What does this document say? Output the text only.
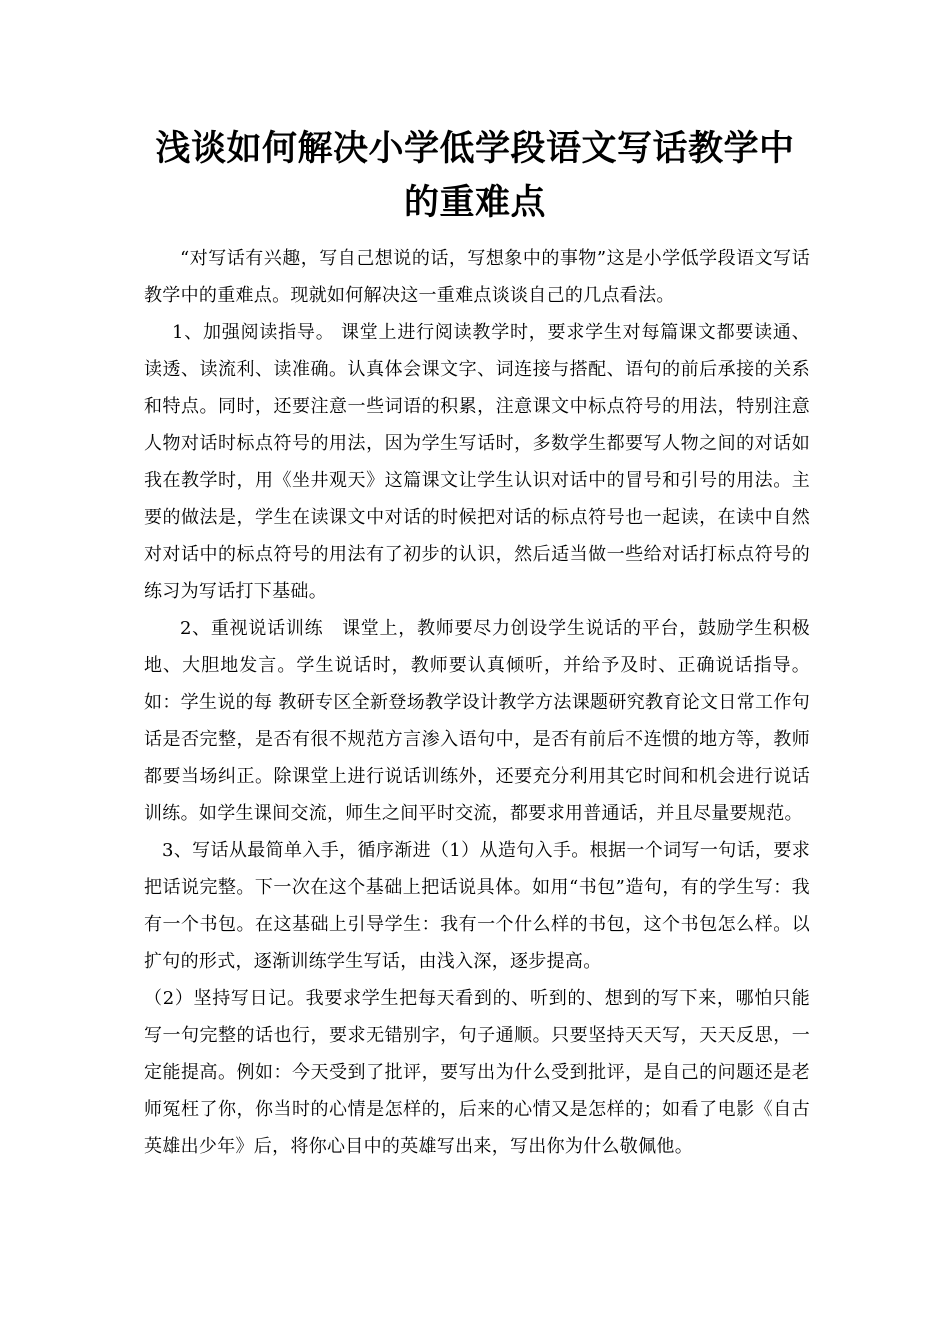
浅谈如何解决小学低学段语文写话教学中的重难点

“对写话有兴趣，写自己想说的话，写想象中的事物”这是小学低学段语文写话教学中的重难点。现就如何解决这一重难点谈谈自己的几点看法。

1、加强阅读指导。 课堂上进行阅读教学时，要求学生对每篇课文都要读通、读透、读流利、读准确。认真体会课文字、词连接与搭配、语句的前后承接的关系和特点。同时，还要注意一些词语的积累，注意课文中标点符号的用法，特别注意人物对话时标点符号的用法，因为学生写话时，多数学生都要写人物之间的对话如我在教学时，用《坐井观天》这篇课文让学生认识对话中的冒号和引号的用法。主要的做法是，学生在读课文中对话的时候把对话的标点符号也一起读，在读中自然对对话中的标点符号的用法有了初步的认识，然后适当做一些给对话打标点符号的练习为写话打下基础。

2、重视说话训练　课堂上，教师要尽力创设学生说话的平台，鼓励学生积极地、大胆地发言。学生说话时，教师要认真倾听，并给予及时、正确说话指导。如：学生说的每 教研专区全新登场教学设计教学方法课题研究教育论文日常工作句话是否完整，是否有很不规范方言渗入语句中，是否有前后不连惯的地方等，教师都要当场纠正。除课堂上进行说话训练外，还要充分利用其它时间和机会进行说话训练。如学生课间交流，师生之间平时交流，都要求用普通话，并且尽量要规范。

3、写话从最简单入手，循序渐进（1）从造句入手。根据一个词写一句话，要求把话说完整。下一次在这个基础上把话说具体。如用“书包”造句，有的学生写：我有一个书包。在这基础上引导学生：我有一个什么样的书包，这个书包怎么样。以扩句的形式，逐渐训练学生写话，由浅入深，逐步提高。

（2）坚持写日记。我要求学生把每天看到的、听到的、想到的写下来，哪怕只能写一句完整的话也行，要求无错别字，句子通顺。只要坚持天天写，天天反思，一定能提高。例如：今天受到了批评，要写出为什么受到批评，是自己的问题还是老师冤枉了你，你当时的心情是怎样的，后来的心情又是怎样的；如看了电影《自古英雄出少年》后，将你心目中的英雄写出来，写出你为什么敬佩他。
